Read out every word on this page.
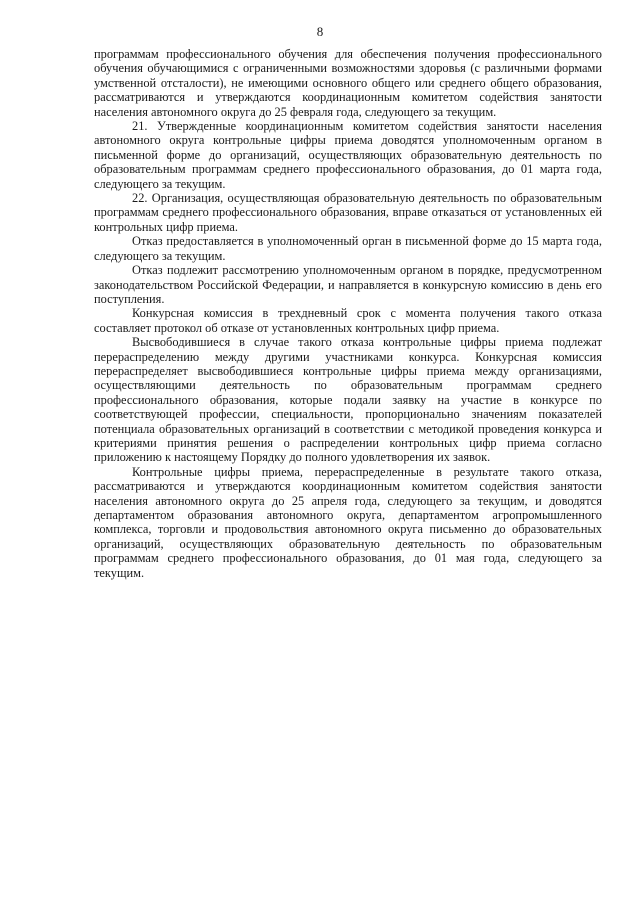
8

программам профессионального обучения для обеспечения получения профессионального обучения обучающимися с ограниченными возможностями здоровья (с различными формами умственной отсталости), не имеющими основного общего или среднего общего образования, рассматриваются и утверждаются координационным комитетом содействия занятости населения автономного округа до 25 февраля года, следующего за текущим.

21. Утвержденные координационным комитетом содействия занятости населения автономного округа контрольные цифры приема доводятся уполномоченным органом в письменной форме до организаций, осуществляющих образовательную деятельность по образовательным программам среднего профессионального образования, до 01 марта года, следующего за текущим.

22. Организация, осуществляющая образовательную деятельность по образовательным программам среднего профессионального образования, вправе отказаться от установленных ей контрольных цифр приема.

Отказ предоставляется в уполномоченный орган в письменной форме до 15 марта года, следующего за текущим.

Отказ подлежит рассмотрению уполномоченным органом в порядке, предусмотренном законодательством Российской Федерации, и направляется в конкурсную комиссию в день его поступления.

Конкурсная комиссия в трехдневный срок с момента получения такого отказа составляет протокол об отказе от установленных контрольных цифр приема.

Высвободившиеся в случае такого отказа контрольные цифры приема подлежат перераспределению между другими участниками конкурса. Конкурсная комиссия перераспределяет высвободившиеся контрольные цифры приема между организациями, осуществляющими деятельность по образовательным программам среднего профессионального образования, которые подали заявку на участие в конкурсе по соответствующей профессии, специальности, пропорционально значениям показателей потенциала образовательных организаций в соответствии с методикой проведения конкурса и критериями принятия решения о распределении контрольных цифр приема согласно приложению к настоящему Порядку до полного удовлетворения их заявок.

Контрольные цифры приема, перераспределенные в результате такого отказа, рассматриваются и утверждаются координационным комитетом содействия занятости населения автономного округа до 25 апреля года, следующего за текущим, и доводятся департаментом образования автономного округа, департаментом агропромышленного комплекса, торговли и продовольствия автономного округа письменно до образовательных организаций, осуществляющих образовательную деятельность по образовательным программам среднего профессионального образования, до 01 мая года, следующего за текущим.
